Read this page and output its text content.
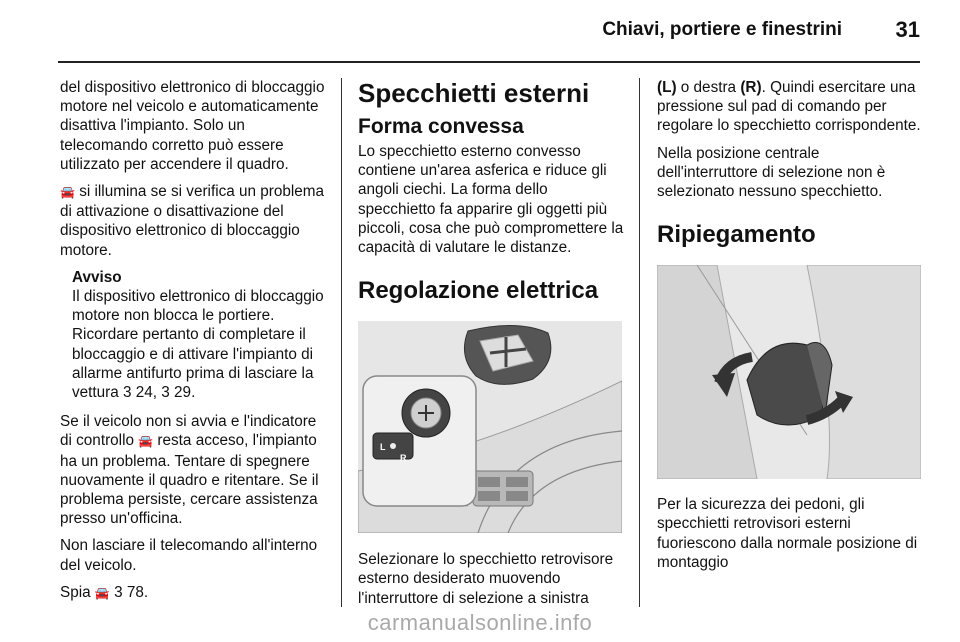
Chiavi, portiere e finestrini 31

del dispositivo elettronico di bloccaggio motore nel veicolo e automaticamente disattiva l'impianto. Solo un telecomando corretto può essere utilizzato per accendere il quadro.

🚘 si illumina se si verifica un problema di attivazione o disattivazione del dispositivo elettronico di bloccaggio motore.

Avviso
Il dispositivo elettronico di bloccaggio motore non blocca le portiere. Ricordare pertanto di completare il bloccaggio e di attivare l'impianto di allarme antifurto prima di lasciare la vettura 3 24, 3 29.

Se il veicolo non si avvia e l'indicatore di controllo 🚘 resta acceso, l'impianto ha un problema. Tentare di spegnere nuovamente il quadro e ritentare. Se il problema persiste, cercare assistenza presso un'officina.

Non lasciare il telecomando all'interno del veicolo.

Spia 🚘 3 78.

Specchietti esterni
Forma convessa

Lo specchietto esterno convesso contiene un'area asferica e riduce gli angoli ciechi. La forma dello specchietto fa apparire gli oggetti più piccoli, cosa che può compromettere la capacità di valutare le distanze.

Regolazione elettrica
L
R

Selezionare lo specchietto retrovisore esterno desiderato muovendo l'interruttore di selezione a sinistra

(L) o destra (R). Quindi esercitare una pressione sul pad di comando per regolare lo specchietto corrispondente.

Nella posizione centrale dell'interruttore di selezione non è selezionato nessuno specchietto.

Ripiegamento

Per la sicurezza dei pedoni, gli specchietti retrovisori esterni fuoriescono dalla normale posizione di montaggio

carmanualsonline.info
